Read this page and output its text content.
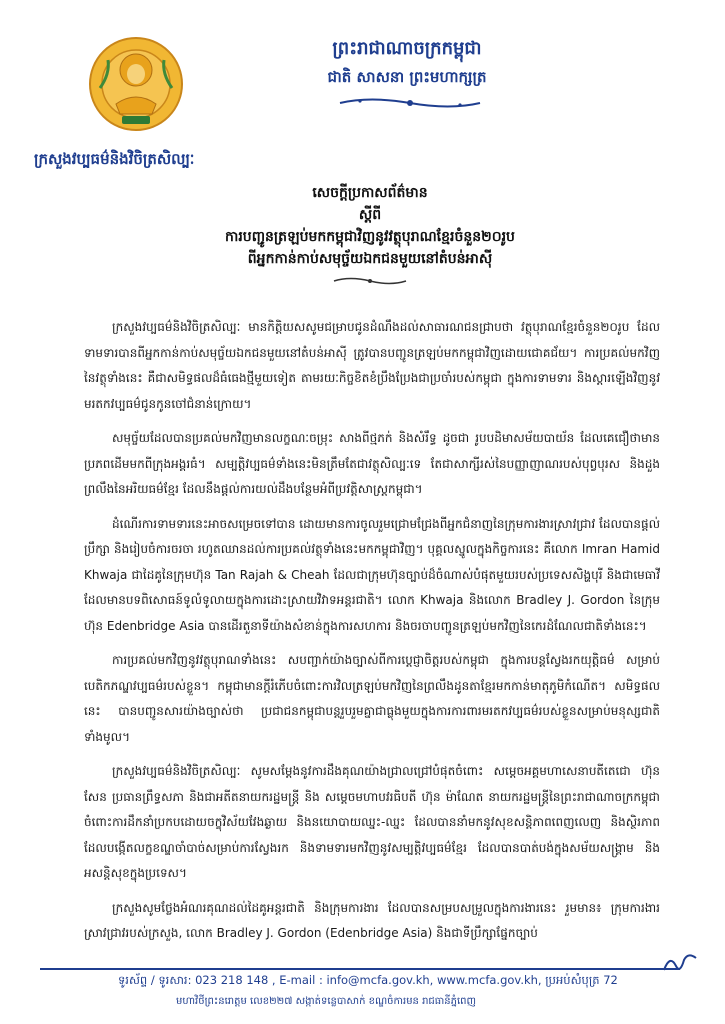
ក្រសួងវប្បធម៌និងវិចិត្រសិល្បៈ
ព្រះរាជាណាចក្រកម្ពុជា
ជាតិ សាសនា ព្រះមហាក្សត្រ
សេចក្ដីប្រកាសព័ត៌មាន
ស្ដីពី
ការបញ្ជូនត្រឡប់មកកម្ពុជាវិញនូវវត្ថុបុរាណខ្មែរចំនួន២០រូប
ពីអ្នកកាន់កាប់សមុច្ច័យឯកជនមួយនៅតំបន់អាស៊ី

ក្រសួងវប្បធម៌និងវិចិត្រសិល្បៈ មានកិត្តិយសសូមជម្រាបជូនដំណឹងដល់សាធារណជនជ្រាបថា វត្ថុបុរាណខ្មែរចំនួន២០រូប ដែលទាមទារបានពីអ្នកកាន់កាប់សមុច្ច័យឯកជនមួយនៅតំបន់អាស៊ី ត្រូវបានបញ្ជូនត្រឡប់មកកម្ពុជាវិញដោយជោគជ័យ។ ការប្រគល់មកវិញនៃវត្ថុទាំងនេះ គឺជាសមិទ្ធផលដ៏ធំធេងថ្មីមួយទៀត តាមរយៈកិច្ចខិតខំប្រឹងប្រែងជាប្រចាំរបស់កម្ពុជា ក្នុងការទាមទារ និងស្តារឡើងវិញនូវមរតកវប្បធម៌ជូនកូនចៅជំនាន់ក្រោយ។

សមុច្ច័យដែលបានប្រគល់មកវិញមានលក្ខណៈចម្រុះ សាងពីថ្មភក់ និងសំរឹទ្ធ ដូចជា រូបបដិមាសម័យបាយ័ន ដែលគេជឿថាមានប្រភពដើមមកពីក្រុងអង្គរធំ។ សម្បត្តិវប្បធម៌ទាំងនេះមិនត្រឹមតែជាវត្ថុសិល្បៈទេ តែជាសាក្សីរស់នៃបញ្ញាញាណរបស់បុព្វបុរស និងដួងព្រលឹងនៃអរិយធម៌ខ្មែរ ដែលនឹងផ្តល់ការយល់ដឹងបន្ថែមអំពីប្រវត្តិសាស្ត្រកម្ពុជា។

ដំណើរការទាមទារនេះអាចសម្រេចទៅបាន ដោយមានការចូលរួមជ្រោមជ្រែងពីអ្នកជំនាញនៃក្រុមការងារស្រាវជ្រាវ ដែលបានផ្តល់ប្រឹក្សា និងរៀបចំការចរចា រហូតឈានដល់ការប្រគល់វត្ថុទាំងនេះមកកម្ពុជាវិញ។ បុគ្គលស្នូលក្នុងកិច្ចការនេះ គឺលោក Imran Hamid Khwaja ជាដៃគូនៃក្រុមហ៊ុន Tan Rajah & Cheah ដែលជាក្រុមហ៊ុនច្បាប់ដ៏ចំណាស់បំផុតមួយរបស់ប្រទេសសិង្ហបុរី និងជាមេធាវីដែលមានបទពិសោធន៍ទូលំទូលាយក្នុងការដោះស្រាយវិវាទអន្តរជាតិ។ លោក Khwaja និងលោក Bradley J. Gordon នៃក្រុមហ៊ុន Edenbridge Asia បានដើរតួនាទីយ៉ាងសំខាន់ក្នុងការសហការ និងចរចាបញ្ជូនត្រឡប់មកវិញនៃកេរដំណែលជាតិទាំងនេះ។

ការប្រគល់មកវិញនូវវត្ថុបុរាណទាំងនេះ សបញ្ជាក់យ៉ាងច្បាស់ពីការប្តេជ្ញាចិត្តរបស់កម្ពុជា ក្នុងការបន្តស្វែងរកយុត្តិធម៌ សម្រាប់បេតិកភណ្ឌវប្បធម៌របស់ខ្លួន។ កម្ពុជាមានក្តីរំភើបចំពោះការវិលត្រឡប់មកវិញនៃព្រលឹងដូនតាខ្មែរមកកាន់មាតុភូមិកំណើត។ សមិទ្ធផលនេះ បានបញ្ជូនសារយ៉ាងច្បាស់ថា ប្រជាជនកម្ពុជាបន្តរួបរួមគ្នាជាធ្លុងមួយក្នុងការការពារមរតកវប្បធម៌របស់ខ្លួនសម្រាប់មនុស្សជាតិទាំងមូល។

ក្រសួងវប្បធម៌និងវិចិត្រសិល្បៈ សូមសម្តែងនូវការដឹងគុណយ៉ាងជ្រាលជ្រៅបំផុតចំពោះ សម្តេចអគ្គមហាសេនាបតីតេជោ ហ៊ុន សែន ប្រធានព្រឹទ្ធសភា និងជាអតីតនាយករដ្ឋមន្ត្រី និង សម្តេចមហាបវរធិបតី ហ៊ុន ម៉ាណែត នាយករដ្ឋមន្ត្រីនៃព្រះរាជាណាចក្រកម្ពុជា ចំពោះការដឹកនាំប្រកបដោយចក្ខុវិស័យវែងឆ្ងាយ និងនយោបាយឈ្នះ-ឈ្នះ ដែលបាននាំមកនូវសុខសន្តិភាពពេញលេញ និងស្ថិរភាព ដែលបង្កើតលក្ខខណ្ឌចាំបាច់សម្រាប់ការស្វែងរក និងទាមទារមកវិញនូវសម្បត្តិវប្បធម៌ខ្មែរ ដែលបានបាត់បង់ក្នុងសម័យសង្គ្រាម និងអសន្តិសុខក្នុងប្រទេស។

ក្រសួងសូមថ្លែងអំណរគុណដល់ដៃគូអន្តរជាតិ និងក្រុមការងារ ដែលបានសម្របសម្រួលក្នុងការងារនេះ រួមមាន៖ ក្រុមការងារស្រាវជ្រាវរបស់ក្រសួង, លោក Bradley J. Gordon (Edenbridge Asia) និងជាទីប្រឹក្សាផ្នែកច្បាប់

ទូរស័ព្ទ / ទូរសារ: 023 218 148 , E-mail : info@mcfa.gov.kh, www.mcfa.gov.kh, ប្រអប់សំបុត្រ 72
មហាវិថីព្រះនរោត្តម លេខ២២៧ សង្កាត់ទន្លេបាសាក់ ខណ្ឌចំការមន រាជធានីភ្នំពេញ
